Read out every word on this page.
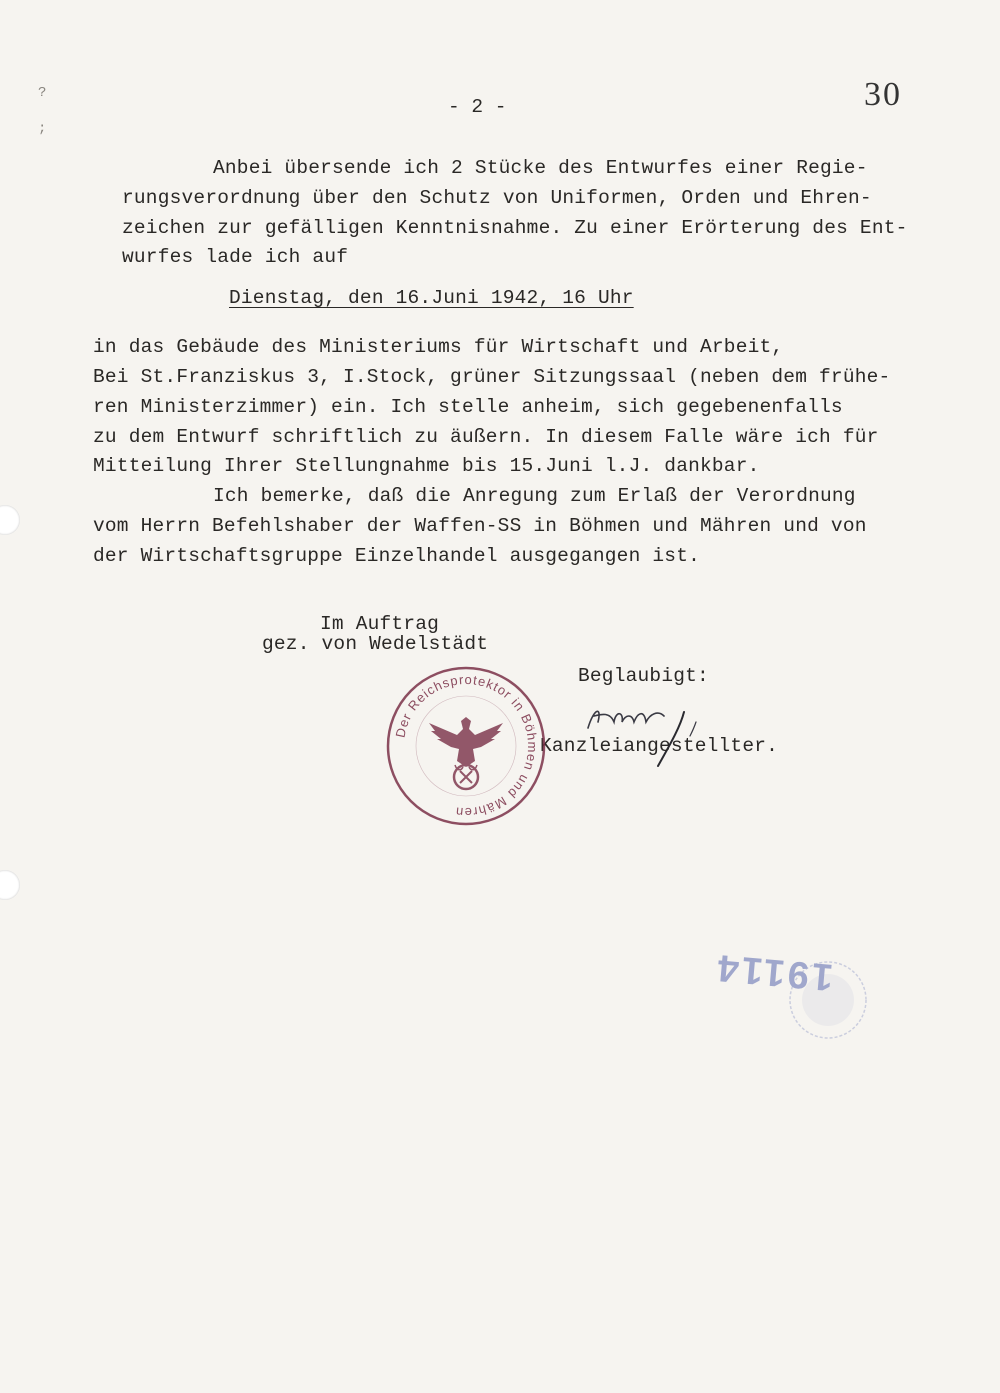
?

;
- 2 -	30
Anbei übersende ich 2 Stücke des Entwurfes einer Regie-
rungsverordnung über den Schutz von Uniformen, Orden und Ehren-
zeichen zur gefälligen Kenntnisnahme. Zu einer Erörterung des Ent-
wurfes lade ich auf
Dienstag, den 16.Juni 1942, 16 Uhr
in das Gebäude des Ministeriums für Wirtschaft und Arbeit,
Bei St.Franziskus 3, I.Stock, grüner Sitzungssaal (neben dem frühe-
ren Ministerzimmer) ein. Ich stelle anheim, sich gegebenenfalls
zu dem Entwurf schriftlich zu äußern. In diesem Falle wäre ich für
Mitteilung Ihrer Stellungnahme bis 15.Juni l.J. dankbar.
Ich bemerke, daß die Anregung zum Erlaß der Verordnung
vom Herrn Befehlshaber der Waffen-SS in Böhmen und Mähren und von
der Wirtschaftsgruppe Einzelhandel ausgegangen ist.
Im Auftrag
gez. von Wedelstädt
Beglaubigt:
Kanzleiangestellter.
Der Reichsprotektor in Böhmen und Mähren
19114
